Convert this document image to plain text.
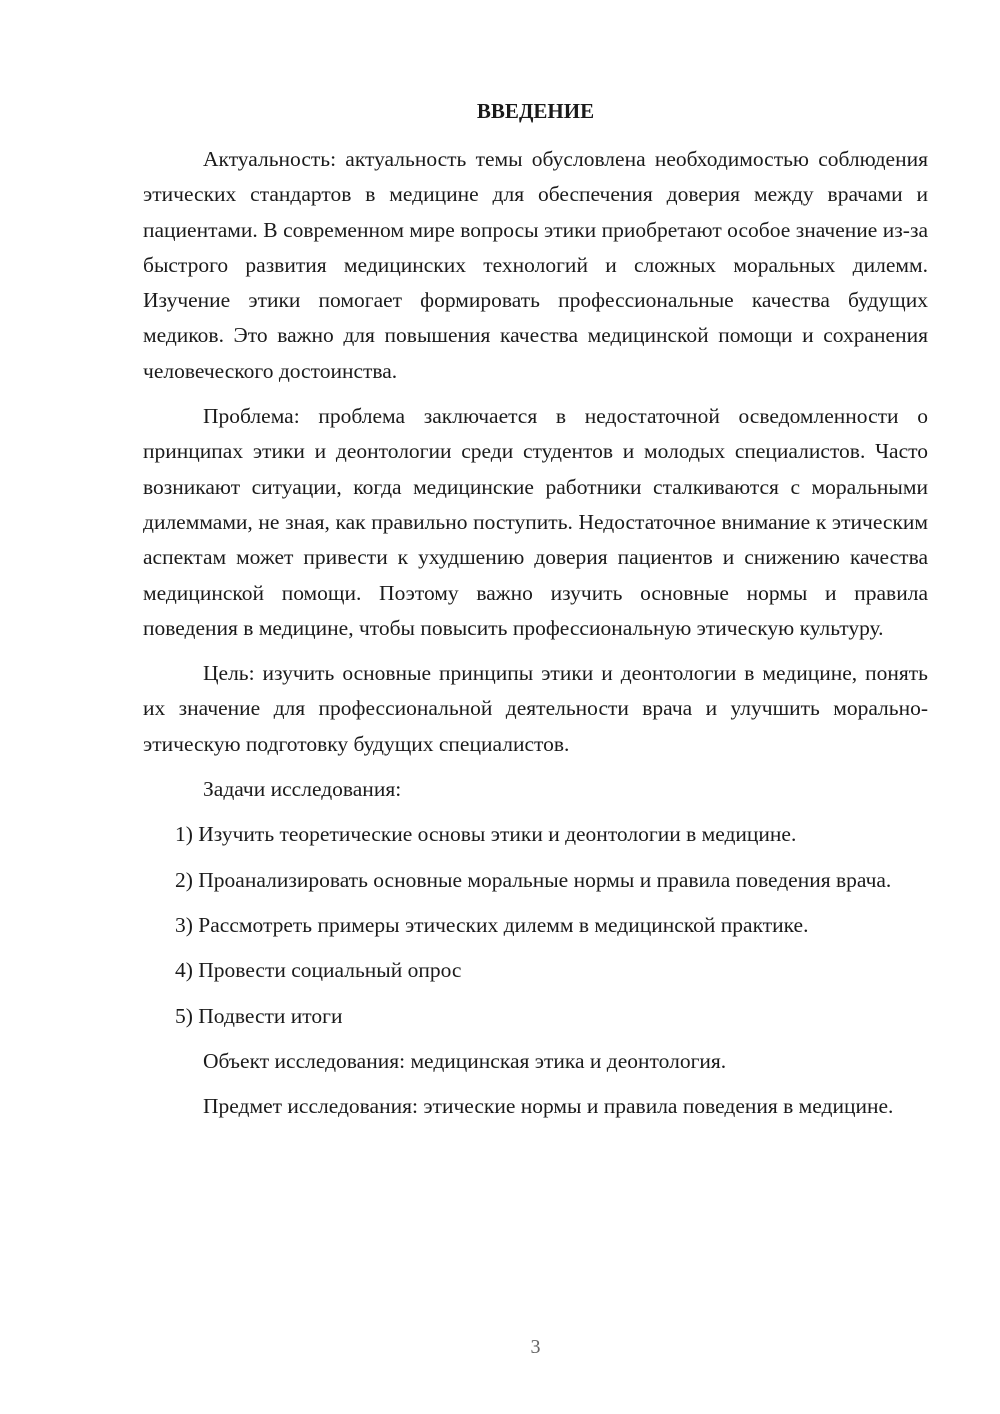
ВВЕДЕНИЕ

Актуальность: актуальность темы обусловлена необходимостью соблюдения этических стандартов в медицине для обеспечения доверия между врачами и пациентами. В современном мире вопросы этики приобретают особое значение из-за быстрого развития медицинских технологий и сложных моральных дилемм. Изучение этики помогает формировать профессиональные качества будущих медиков. Это важно для повышения качества медицинской помощи и сохранения человеческого достоинства.

Проблема: проблема заключается в недостаточной осведомленности о принципах этики и деонтологии среди студентов и молодых специалистов. Часто возникают ситуации, когда медицинские работники сталкиваются с моральными дилеммами, не зная, как правильно поступить. Недостаточное внимание к этическим аспектам может привести к ухудшению доверия пациентов и снижению качества медицинской помощи. Поэтому важно изучить основные нормы и правила поведения в медицине, чтобы повысить профессиональную этическую культуру.

Цель: изучить основные принципы этики и деонтологии в медицине, понять их значение для профессиональной деятельности врача и улучшить морально-этическую подготовку будущих специалистов.

Задачи исследования:

1) Изучить теоретические основы этики и деонтологии в медицине.

2) Проанализировать основные моральные нормы и правила поведения врача.

3) Рассмотреть примеры этических дилемм в медицинской практике.

4) Провести социальный опрос

5) Подвести итоги

Объект исследования: медицинская этика и деонтология.

Предмет исследования: этические нормы и правила поведения в медицине.

3
